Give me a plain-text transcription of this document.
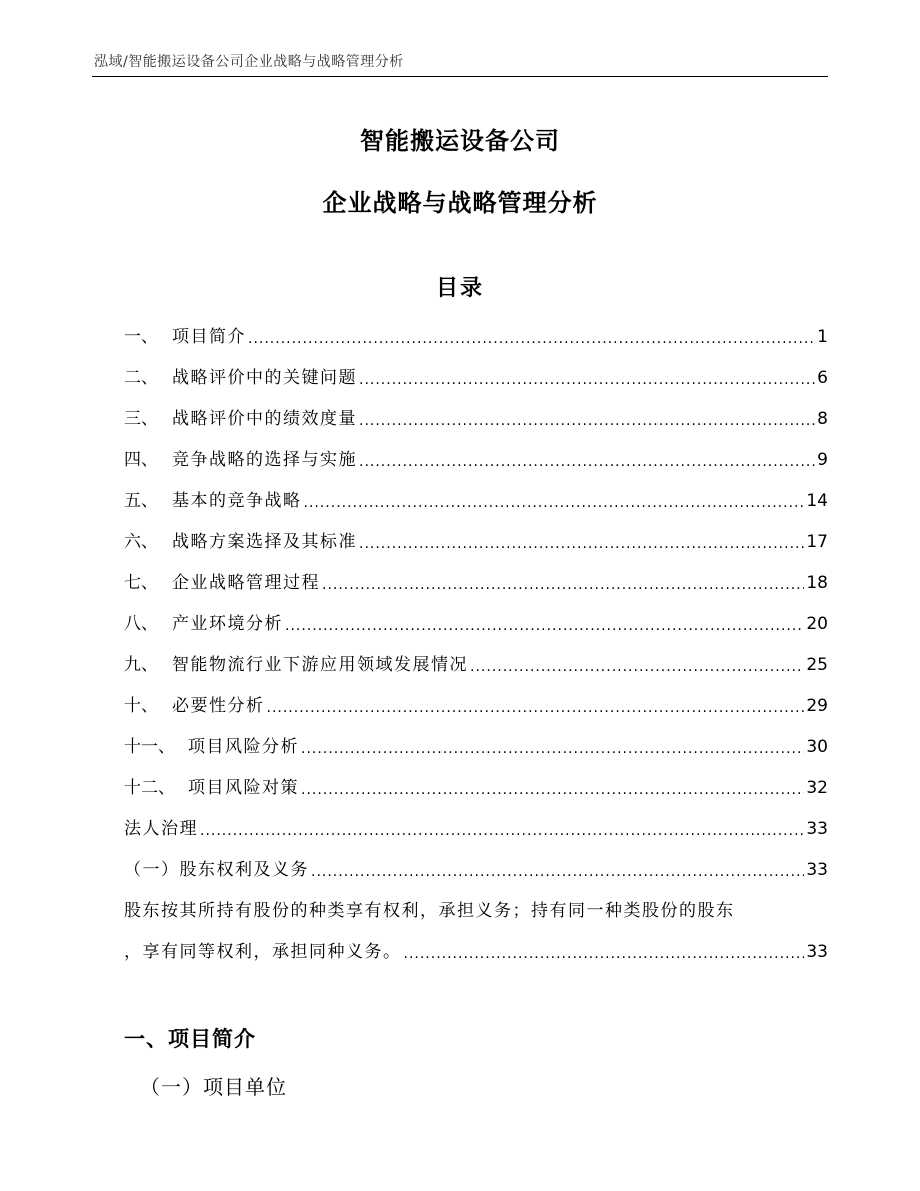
泓域/智能搬运设备公司企业战略与战略管理分析
智能搬运设备公司
企业战略与战略管理分析
目录
一、 项目简介 .....	1
二、 战略评价中的关键问题 .....	6
三、 战略评价中的绩效度量 .....	8
四、 竞争战略的选择与实施 .....	9
五、 基本的竞争战略 .....	14
六、 战略方案选择及其标准 .....	17
七、 企业战略管理过程 .....	18
八、 产业环境分析 .....	20
九、 智能物流行业下游应用领域发展情况 .....	25
十、 必要性分析 .....	29
十一、 项目风险分析 .....	30
十二、 项目风险对策 .....	32
法人治理 .....	33
（一）股东权利及义务 .....	33
股东按其所持有股份的种类享有权利，承担义务；持有同一种类股份的股东
，享有同等权利，承担同种义务。 .....	33
一、项目简介
（一）项目单位
